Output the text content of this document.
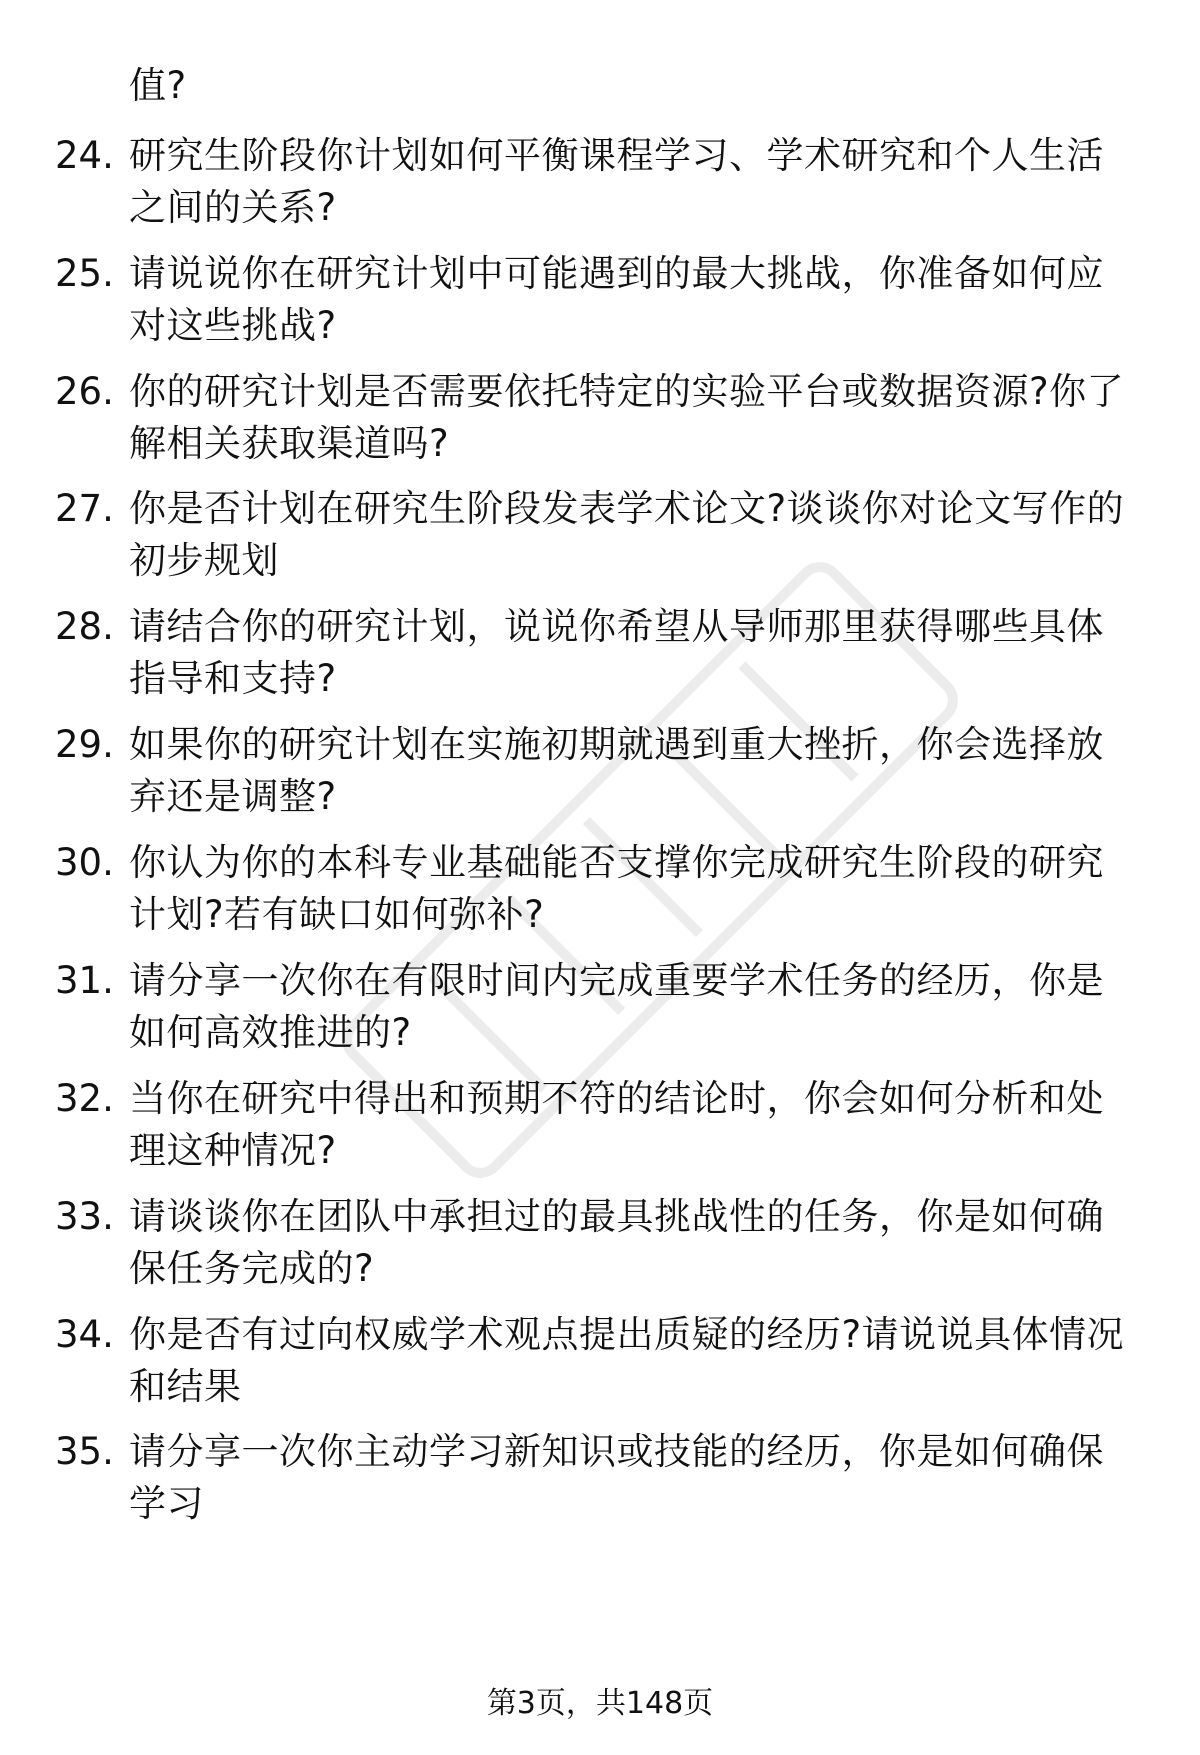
值?
24. 研究生阶段你计划如何平衡课程学习、学术研究和个人生活之间的关系?
25. 请说说你在研究计划中可能遇到的最大挑战，你准备如何应对这些挑战?
26. 你的研究计划是否需要依托特定的实验平台或数据资源?你了解相关获取渠道吗?
27. 你是否计划在研究生阶段发表学术论文?谈谈你对论文写作的初步规划
28. 请结合你的研究计划，说说你希望从导师那里获得哪些具体指导和支持?
29. 如果你的研究计划在实施初期就遇到重大挫折，你会选择放弃还是调整?
30. 你认为你的本科专业基础能否支撑你完成研究生阶段的研究计划?若有缺口如何弥补?
31. 请分享一次你在有限时间内完成重要学术任务的经历，你是如何高效推进的?
32. 当你在研究中得出和预期不符的结论时，你会如何分析和处理这种情况?
33. 请谈谈你在团队中承担过的最具挑战性的任务，你是如何确保任务完成的?
34. 你是否有过向权威学术观点提出质疑的经历?请说说具体情况和结果
35. 请分享一次你主动学习新知识或技能的经历，你是如何确保学习
第3页，共148页
